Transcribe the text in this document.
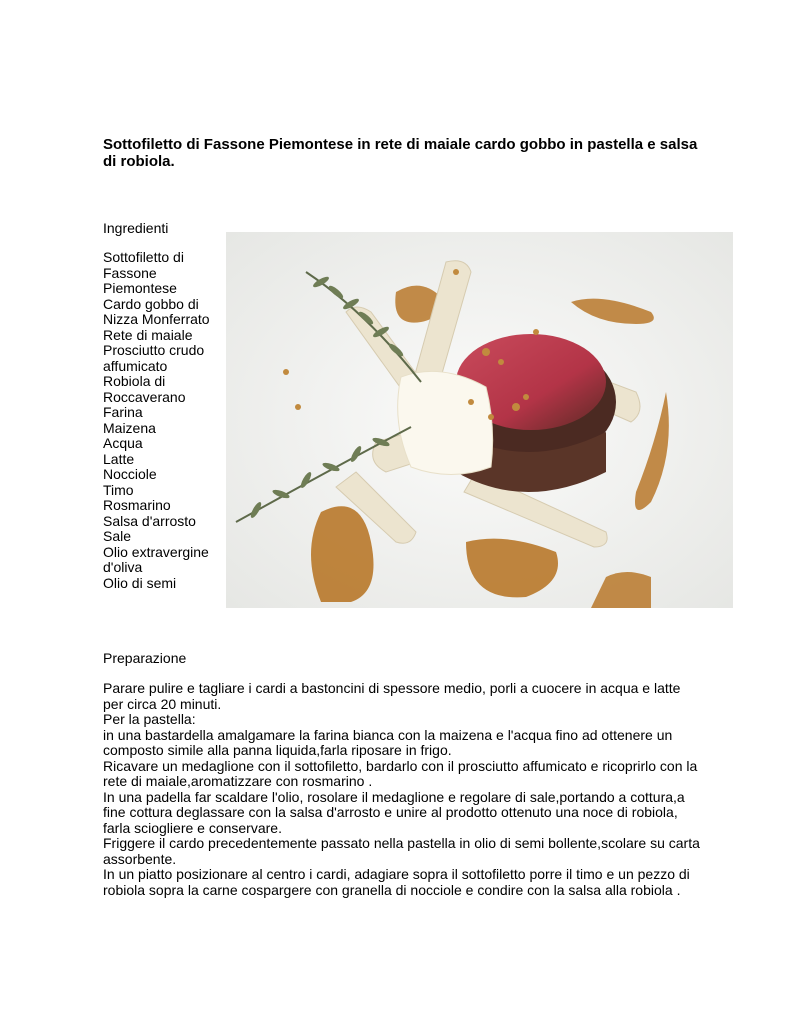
Sottofiletto di Fassone Piemontese in rete di maiale cardo gobbo in pastella e salsa di robiola.
Ingredienti
Sottofiletto di Fassone Piemontese
Cardo gobbo di Nizza Monferrato
Rete di maiale
Prosciutto crudo affumicato
Robiola di Roccaverano
Farina
Maizena
Acqua
Latte
Nocciole
Timo
Rosmarino
Salsa d'arrosto
Sale
Olio extravergine d'oliva
Olio di semi
Preparazione
Parare pulire e tagliare i cardi a bastoncini di spessore medio, porli a cuocere in acqua e latte per circa 20 minuti.
Per la pastella:
in una bastardella amalgamare la farina bianca con la maizena e l'acqua fino ad ottenere un composto simile alla panna liquida,farla riposare in frigo.
Ricavare un medaglione con il sottofiletto, bardarlo con il prosciutto affumicato e ricoprirlo con la rete di maiale,aromatizzare con rosmarino .
In una padella far scaldare l'olio, rosolare il medaglione e regolare di sale,portando a cottura,a fine cottura deglassare con la salsa d'arrosto e unire al prodotto ottenuto una noce di robiola, farla sciogliere e conservare.
Friggere il cardo precedentemente passato nella pastella in olio di semi bollente,scolare su carta assorbente.
In un piatto posizionare al centro i cardi, adagiare sopra il sottofiletto porre il timo e un pezzo di robiola sopra la carne cospargere con granella di nocciole e condire con la salsa alla robiola .
